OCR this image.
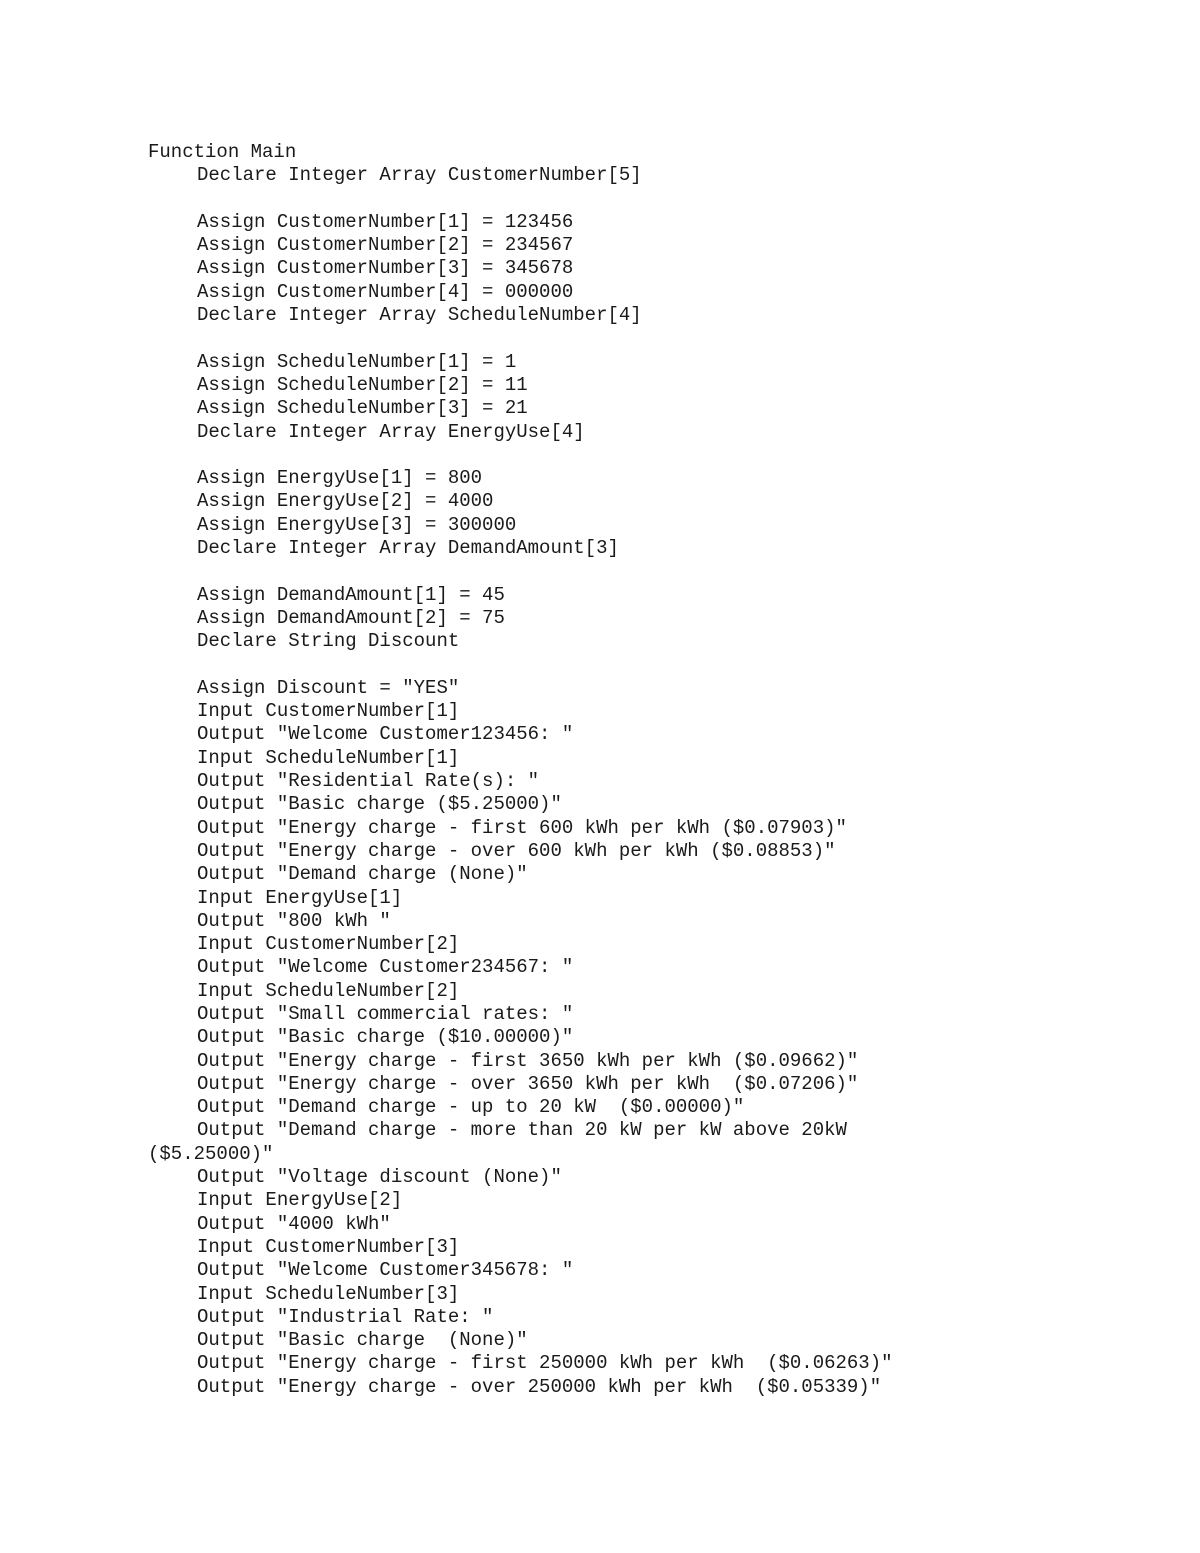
Function Main
Declare Integer Array CustomerNumber[5]
Assign CustomerNumber[1] = 123456
Assign CustomerNumber[2] = 234567
Assign CustomerNumber[3] = 345678
Assign CustomerNumber[4] = 000000
Declare Integer Array ScheduleNumber[4]
Assign ScheduleNumber[1] = 1
Assign ScheduleNumber[2] = 11
Assign ScheduleNumber[3] = 21
Declare Integer Array EnergyUse[4]
Assign EnergyUse[1] = 800
Assign EnergyUse[2] = 4000
Assign EnergyUse[3] = 300000
Declare Integer Array DemandAmount[3]
Assign DemandAmount[1] = 45
Assign DemandAmount[2] = 75
Declare String Discount
Assign Discount = "YES"
Input CustomerNumber[1]
Output "Welcome Customer123456: "
Input ScheduleNumber[1]
Output "Residential Rate(s): "
Output "Basic charge ($5.25000)"
Output "Energy charge - first 600 kWh per kWh ($0.07903)"
Output "Energy charge - over 600 kWh per kWh ($0.08853)"
Output "Demand charge (None)"
Input EnergyUse[1]
Output "800 kWh "
Input CustomerNumber[2]
Output "Welcome Customer234567: "
Input ScheduleNumber[2]
Output "Small commercial rates: "
Output "Basic charge ($10.00000)"
Output "Energy charge - first 3650 kWh per kWh ($0.09662)"
Output "Energy charge - over 3650 kWh per kWh  ($0.07206)"
Output "Demand charge - up to 20 kW  ($0.00000)"
Output "Demand charge - more than 20 kW per kW above 20kW
($5.25000)"
Output "Voltage discount (None)"
Input EnergyUse[2]
Output "4000 kWh"
Input CustomerNumber[3]
Output "Welcome Customer345678: "
Input ScheduleNumber[3]
Output "Industrial Rate: "
Output "Basic charge  (None)"
Output "Energy charge - first 250000 kWh per kWh  ($0.06263)"
Output "Energy charge - over 250000 kWh per kWh  ($0.05339)"
